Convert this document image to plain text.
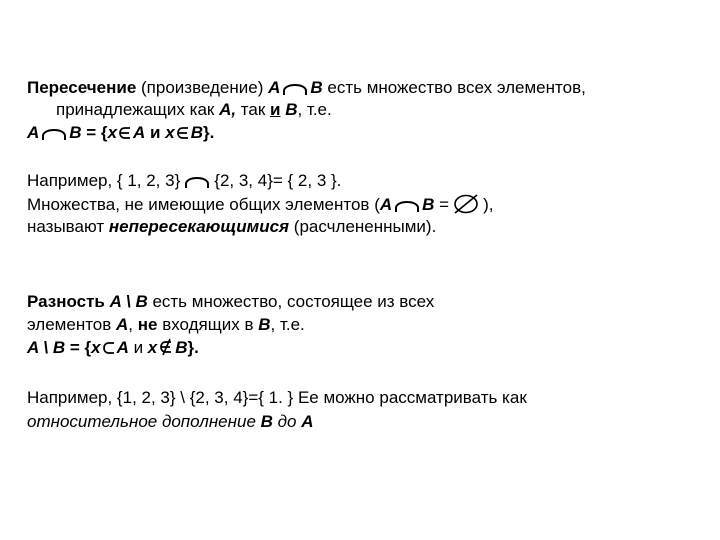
Пересечение (произведение) A B есть множество всех элементов,
принадлежащих как A, так и B, т.е.
A B = {x A и x B}.
Например, { 1, 2, 3} {2, 3, 4}= { 2, 3 }.
Множества, не имеющие общих элементов (A B = ),
называют непересекающимися (расчлененными).
Разность A \ B есть множество, состоящее из всех
элементов A, не входящих в B, т.е.
A \ B = {x A и x B}.
Например, {1, 2, 3} \ {2, 3, 4}={ 1. } Ее можно рассматривать как
относительное дополнение B до A
